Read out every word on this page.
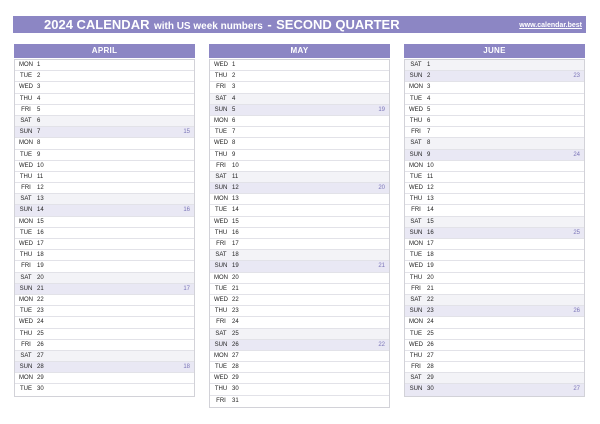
2024 CALENDAR with US week numbers - SECOND QUARTER	www.calendar.best
APRIL
MON 1
TUE 2
WED 3
THU 4
FRI	5
SAT 6
SUN 7	15
MON 8
TUE 9
WED 10
THU 11
FRI	12
SAT 13
SUN 14	16
MON 15
TUE 16
WED 17
THU 18
FRI	19
SAT 20
SUN 21	17
MON 22
TUE 23
WED 24
THU 25
FRI	26
SAT 27
SUN 28	18
MON 29
TUE 30
MAY
WED 1
THU 2
FRI	3
SAT 4
SUN 5	19
MON 6
TUE 7
WED 8
THU 9
FRI	10
SAT 11
SUN 12	20
MON 13
TUE 14
WED 15
THU 16
FRI	17
SAT 18
SUN 19	21
MON 20
TUE 21
WED 22
THU 23
FRI	24
SAT 25
SUN 26	22
MON 27
TUE 28
WED 29
THU 30
FRI	31
JUNE
SAT 1
SUN 2	23
MON 3
TUE 4
WED 5
THU 6
FRI	7
SAT 8
SUN 9	24
MON 10
TUE 11
WED 12
THU 13
FRI	14
SAT 15
SUN 16	25
MON 17
TUE 18
WED 19
THU 20
FRI	21
SAT 22
SUN 23	26
MON 24
TUE 25
WED 26
THU 27
FRI	28
SAT 29
SUN 30	27
